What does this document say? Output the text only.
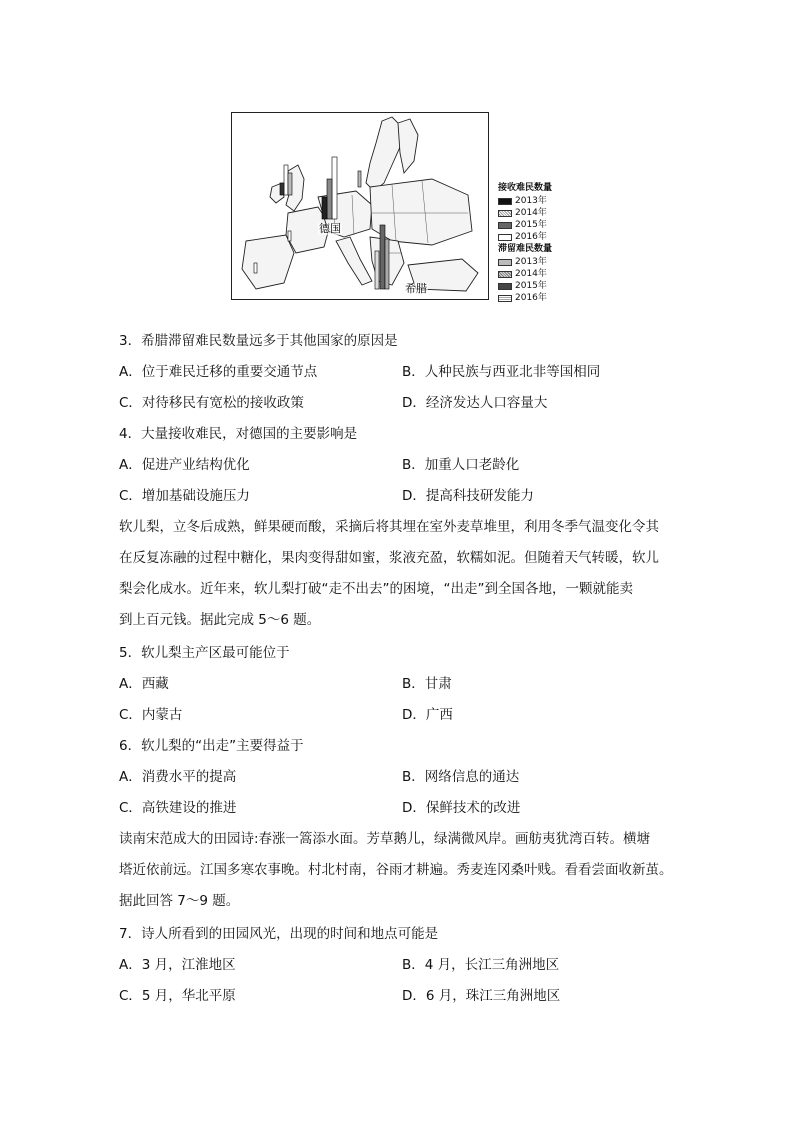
德国
希腊
接收难民数量
2013年
2014年
2015年
2016年
滞留难民数量
2013年
2014年
2015年
2016年
3．希腊滞留难民数量远多于其他国家的原因是
A．位于难民迁移的重要交通节点	B．人种民族与西亚北非等国相同
C．对待移民有宽松的接收政策	D．经济发达人口容量大
4．大量接收难民，对德国的主要影响是
A．促进产业结构优化	B．加重人口老龄化
C．增加基础设施压力	D．提高科技研发能力
软儿梨，立冬后成熟，鲜果硬而酸，采摘后将其埋在室外麦草堆里，利用冬季气温变化令其
在反复冻融的过程中糖化，果肉变得甜如蜜，浆液充盈，软糯如泥。但随着天气转暖，软儿
梨会化成水。近年来，软儿梨打破“走不出去”的困境，“出走”到全国各地，一颗就能卖
到上百元钱。据此完成 5～6 题。
5．软儿梨主产区最可能位于
A．西藏	B．甘肃
C．内蒙古	D．广西
6．软儿梨的“出走”主要得益于
A．消费水平的提高	B．网络信息的通达
C．高铁建设的推进	D．保鲜技术的改进
读南宋范成大的田园诗:春涨一篙添水面。芳草鹅儿，绿满微风岸。画舫夷犹湾百转。横塘
塔近依前远。江国多寒农事晚。村北村南，谷雨才耕遍。秀麦连冈桑叶贱。看看尝面收新茧。
据此回答 7～9 题。
7．诗人所看到的田园风光，出现的时间和地点可能是
A．3 月，江淮地区	B．4 月，长江三角洲地区
C．5 月，华北平原	D．6 月，珠江三角洲地区
